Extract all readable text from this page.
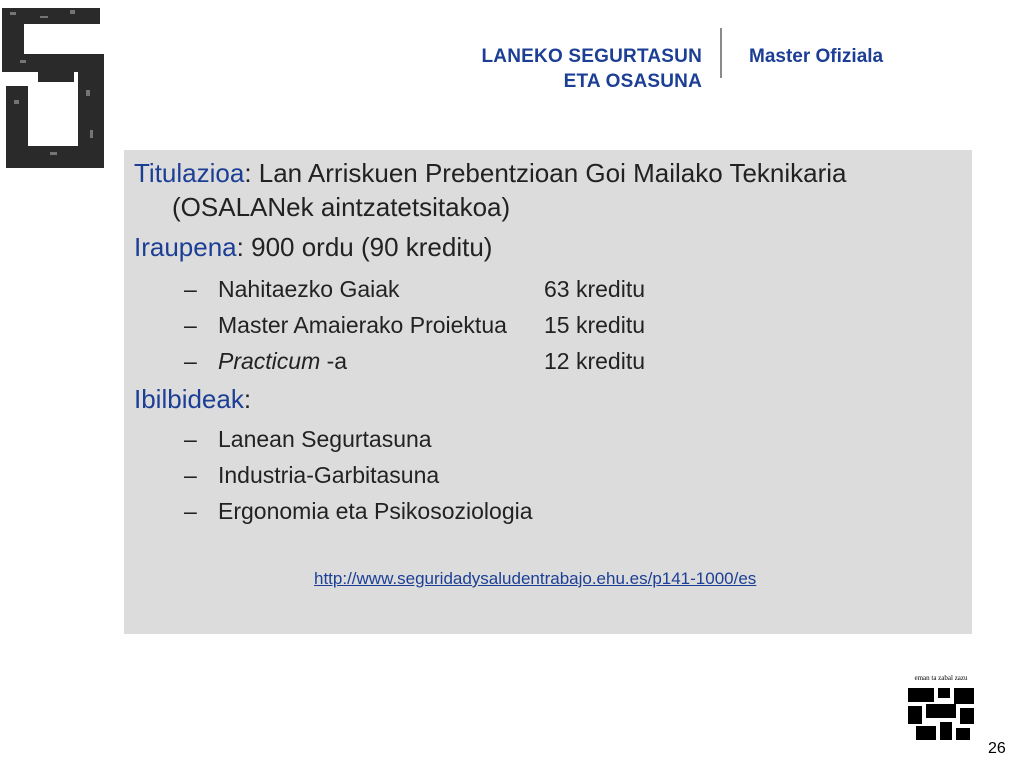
LANEKO SEGURTASUN
ETA OSASUNA
Master Ofiziala
Titulazioa: Lan Arriskuen Prebentzioan Goi Mailako Teknikaria
(OSALANek aintzatetsitakoa)
Iraupena: 900 ordu (90 kreditu)
– Nahitaezko Gaiak	63 kreditu
– Master Amaierako Proiektua	15 kreditu
– Practicum -a	12 kreditu
Ibilbideak:
– Lanean Segurtasuna
– Industria-Garbitasuna
– Ergonomia eta Psikosoziologia
http://www.seguridadysaludentrabajo.ehu.es/p141-1000/es
eman ta zabal zazu
26
